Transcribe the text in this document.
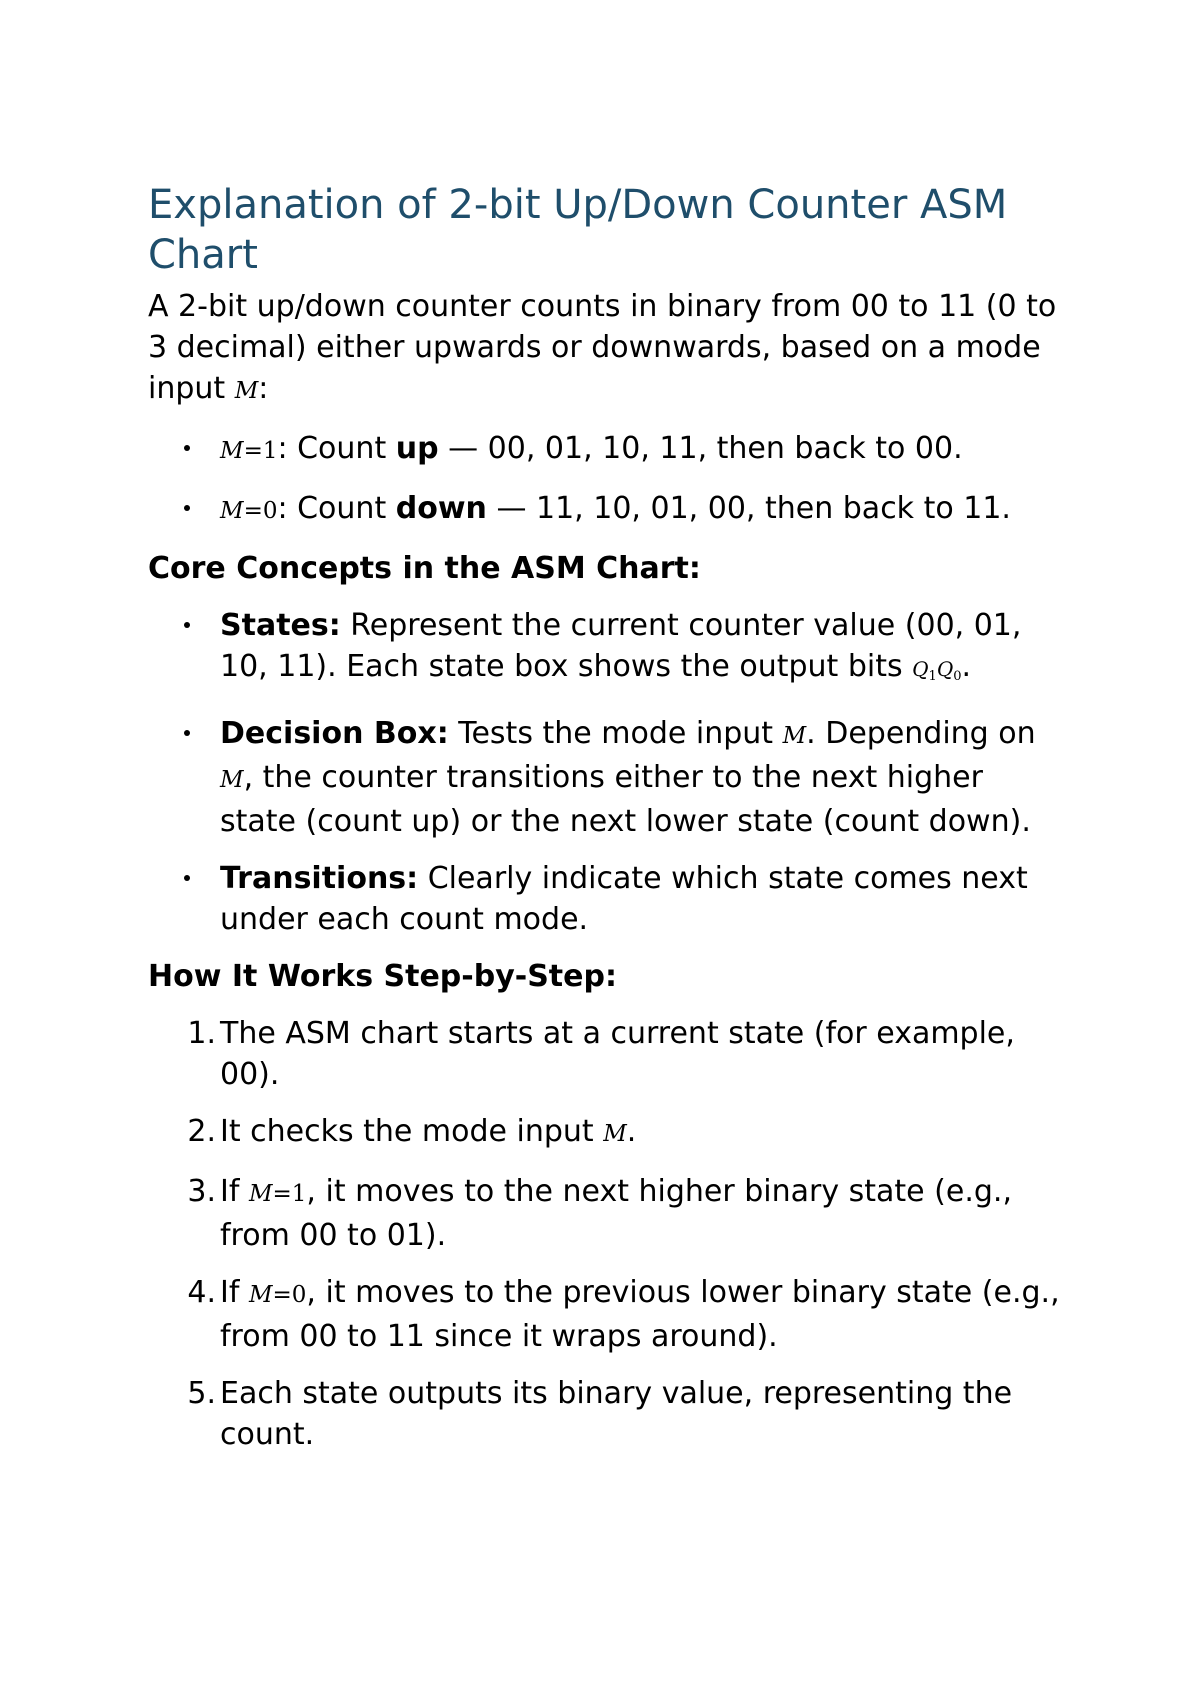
Explanation of 2-bit Up/Down Counter ASM Chart

A 2-bit up/down counter counts in binary from 00 to 11 (0 to 3 decimal) either upwards or downwards, based on a mode input M:

M=1: Count up — 00, 01, 10, 11, then back to 00.
M=0: Count down — 11, 10, 01, 00, then back to 11.
Core Concepts in the ASM Chart:
States: Represent the current counter value (00, 01, 10, 11). Each state box shows the output bits $Q_1Q_0$.
Decision Box: Tests the mode input M. Depending on M, the counter transitions either to the next higher state (count up) or the next lower state (count down).
Transitions: Clearly indicate which state comes next under each count mode.
How It Works Step-by-Step:
1. The ASM chart starts at a current state (for example, 00).
2. It checks the mode input M.
3. If M=1, it moves to the next higher binary state (e.g., from 00 to 01).
4. If M=0, it moves to the previous lower binary state (e.g., from 00 to 11 since it wraps around).
5. Each state outputs its binary value, representing the count.
